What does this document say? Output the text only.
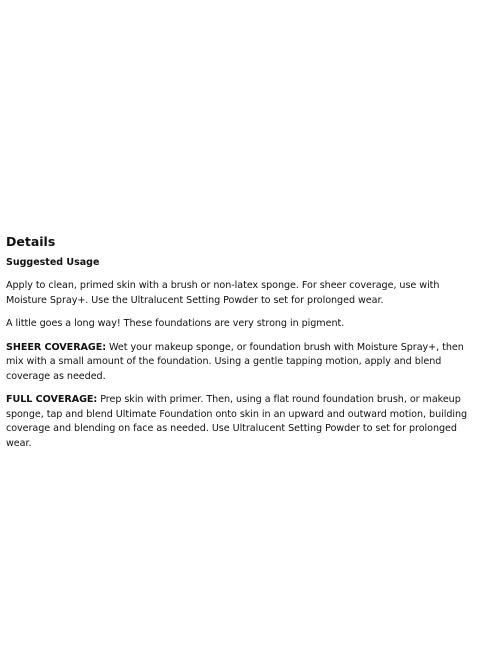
Details
Suggested Usage

Apply to clean, primed skin with a brush or non-latex sponge. For sheer coverage, use with Moisture Spray+. Use the Ultralucent Setting Powder to set for prolonged wear.

A little goes a long way! These foundations are very strong in pigment.

SHEER COVERAGE: Wet your makeup sponge, or foundation brush with Moisture Spray+, then mix with a small amount of the foundation. Using a gentle tapping motion, apply and blend coverage as needed.

FULL COVERAGE: Prep skin with primer. Then, using a flat round foundation brush, or makeup sponge, tap and blend Ultimate Foundation onto skin in an upward and outward motion, building coverage and blending on face as needed. Use Ultralucent Setting Powder to set for prolonged wear.
